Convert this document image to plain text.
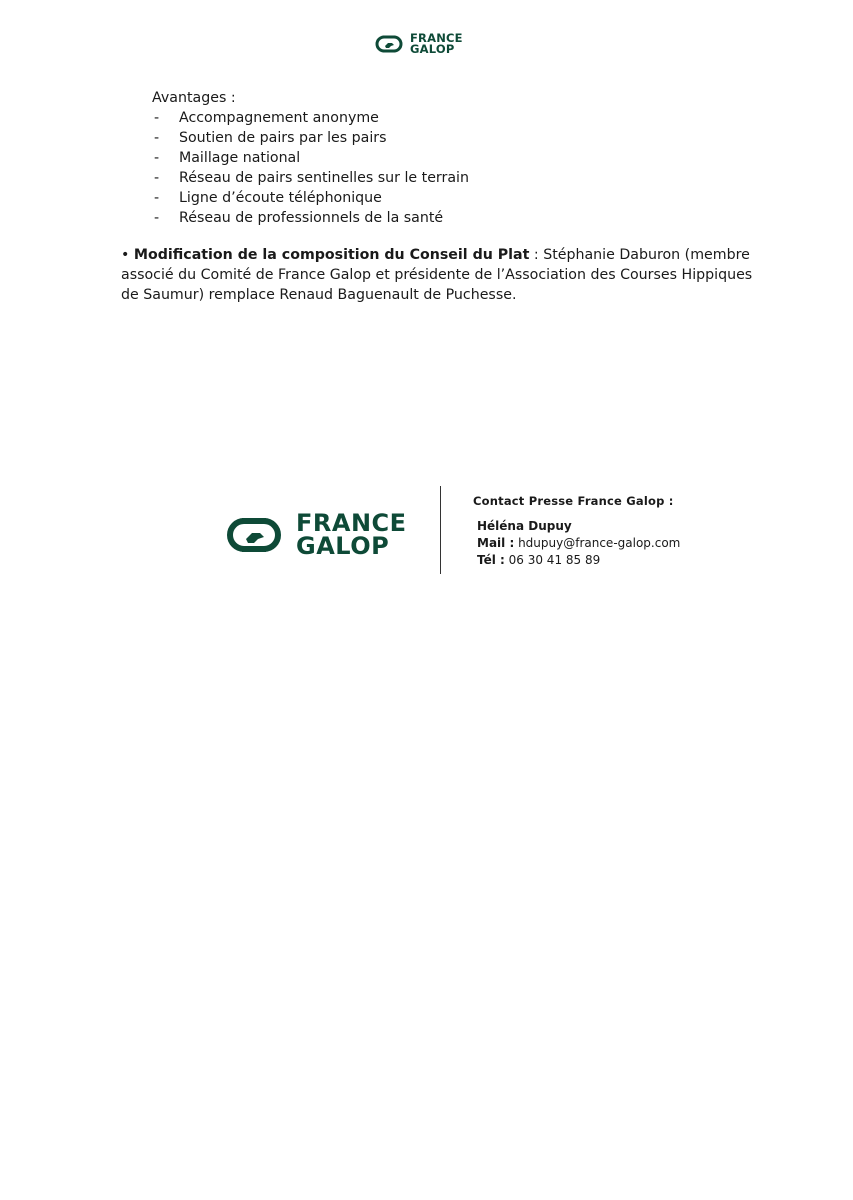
FRANCE
GALOP
Avantages :
- Accompagnement anonyme
- Soutien de pairs par les pairs
- Maillage national
- Réseau de pairs sentinelles sur le terrain
- Ligne d’écoute téléphonique
- Réseau de professionnels de la santé

• Modification de la composition du Conseil du Plat : Stéphanie Daburon (membre
associé du Comité de France Galop et présidente de l’Association des Courses Hippiques
de Saumur) remplace Renaud Baguenault de Puchesse.

FRANCE
GALOP
Contact Presse France Galop :
Héléna Dupuy
Mail : hdupuy@france-galop.com
Tél : 06 30 41 85 89
